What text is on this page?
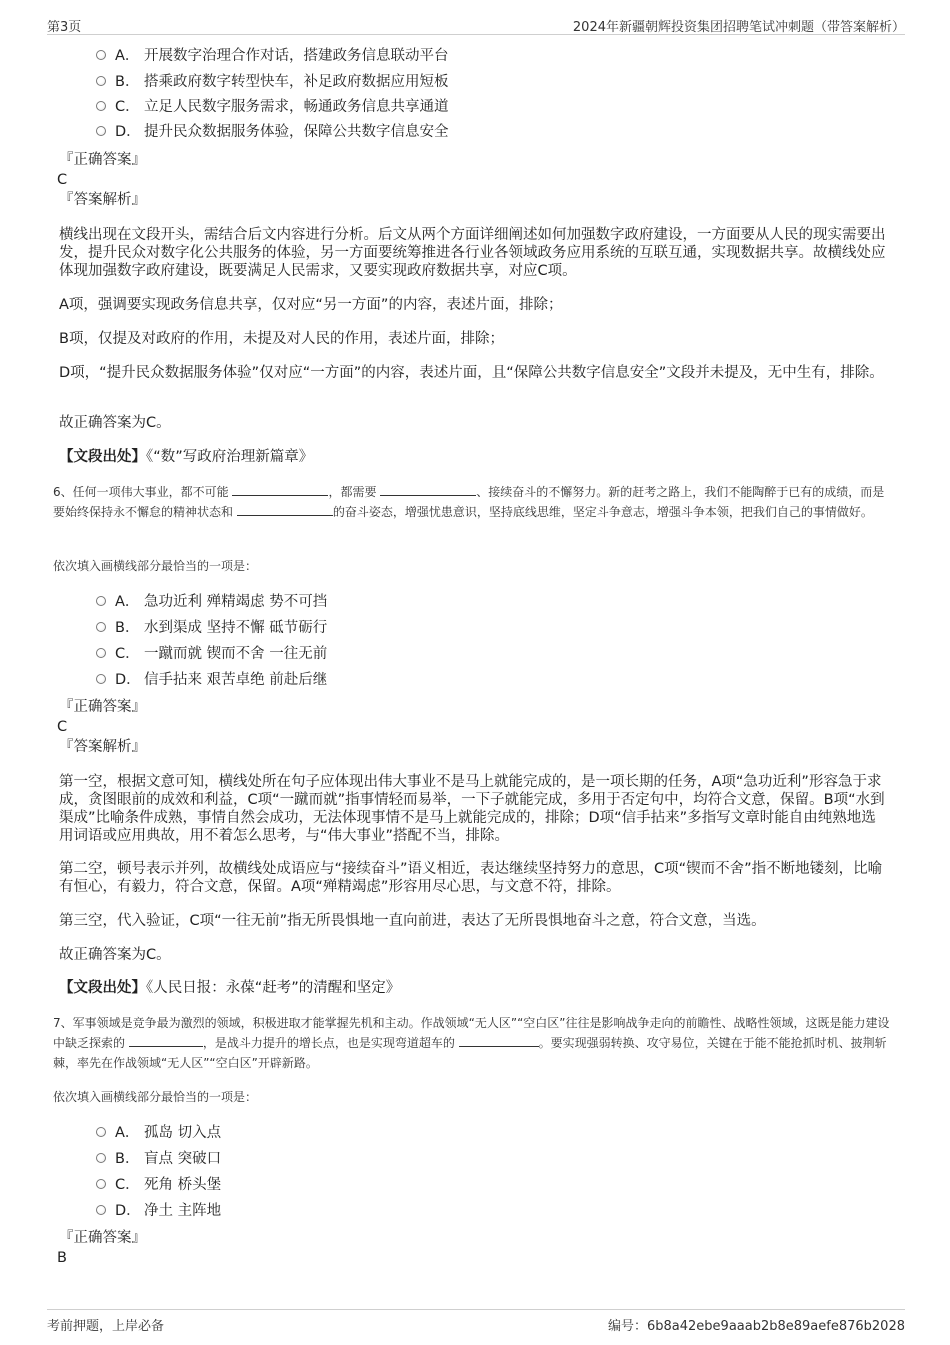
第3页	2024年新疆朝辉投资集团招聘笔试冲刺题（带答案解析）
A． 开展数字治理合作对话，搭建政务信息联动平台
B． 搭乘政府数字转型快车，补足政府数据应用短板
C． 立足人民数字服务需求，畅通政务信息共享通道
D． 提升民众数据服务体验，保障公共数字信息安全
『正确答案』
C
『答案解析』
横线出现在文段开头，需结合后文内容进行分析。后文从两个方面详细阐述如何加强数字政府建设，一方面要从人民的现实需要出发，提升民众对数字化公共服务的体验，另一方面要统筹推进各行业各领域政务应用系统的互联互通，实现数据共享。故横线处应体现加强数字政府建设，既要满足人民需求，又要实现政府数据共享，对应C项。
A项，强调要实现政务信息共享，仅对应“另一方面”的内容，表述片面，排除；
B项，仅提及对政府的作用，未提及对人民的作用，表述片面，排除；
D项，“提升民众数据服务体验”仅对应“一方面”的内容，表述片面，且“保障公共数字信息安全”文段并未提及，无中生有，排除。
故正确答案为C。
【文段出处】《“数”写政府治理新篇章》
6、任何一项伟大事业，都不可能	，都需要	、接续奋斗的不懈努力。新的赶考之路上，我们不能陶醉于已有的成绩，而是要始终保持永不懈怠的精神状态和	的奋斗姿态，增强忧患意识，坚持底线思维，坚定斗争意志，增强斗争本领，把我们自己的事情做好。
依次填入画横线部分最恰当的一项是：
A． 急功近利 殚精竭虑 势不可挡
B． 水到渠成 坚持不懈 砥节砺行
C． 一蹴而就 锲而不舍 一往无前
D． 信手拈来 艰苦卓绝 前赴后继
『正确答案』
C
『答案解析』
第一空，根据文意可知，横线处所在句子应体现出伟大事业不是马上就能完成的，是一项长期的任务，A项“急功近利”形容急于求成，贪图眼前的成效和利益，C项“一蹴而就”指事情轻而易举，一下子就能完成，多用于否定句中，均符合文意，保留。B项“水到渠成”比喻条件成熟，事情自然会成功，无法体现事情不是马上就能完成的，排除；D项“信手拈来”多指写文章时能自由纯熟地选用词语或应用典故，用不着怎么思考，与“伟大事业”搭配不当，排除。
第二空，顿号表示并列，故横线处成语应与“接续奋斗”语义相近，表达继续坚持努力的意思，C项“锲而不舍”指不断地镂刻，比喻有恒心，有毅力，符合文意，保留。A项“殚精竭虑”形容用尽心思，与文意不符，排除。
第三空，代入验证，C项“一往无前”指无所畏惧地一直向前进，表达了无所畏惧地奋斗之意，符合文意，当选。
故正确答案为C。
【文段出处】《人民日报：永葆“赶考”的清醒和坚定》
7、军事领域是竞争最为激烈的领域，积极进取才能掌握先机和主动。作战领域“无人区”“空白区”往往是影响战争走向的前瞻性、战略性领域，这既是能力建设中缺乏探索的	，是战斗力提升的增长点，也是实现弯道超车的	。要实现强弱转换、攻守易位，关键在于能不能抢抓时机、披荆斩棘，率先在作战领域“无人区”“空白区”开辟新路。
依次填入画横线部分最恰当的一项是：
A． 孤岛 切入点
B． 盲点 突破口
C． 死角 桥头堡
D． 净土 主阵地
『正确答案』
B
考前押题，上岸必备	编号：6b8a42ebe9aaab2b8e89aefe876b2028
